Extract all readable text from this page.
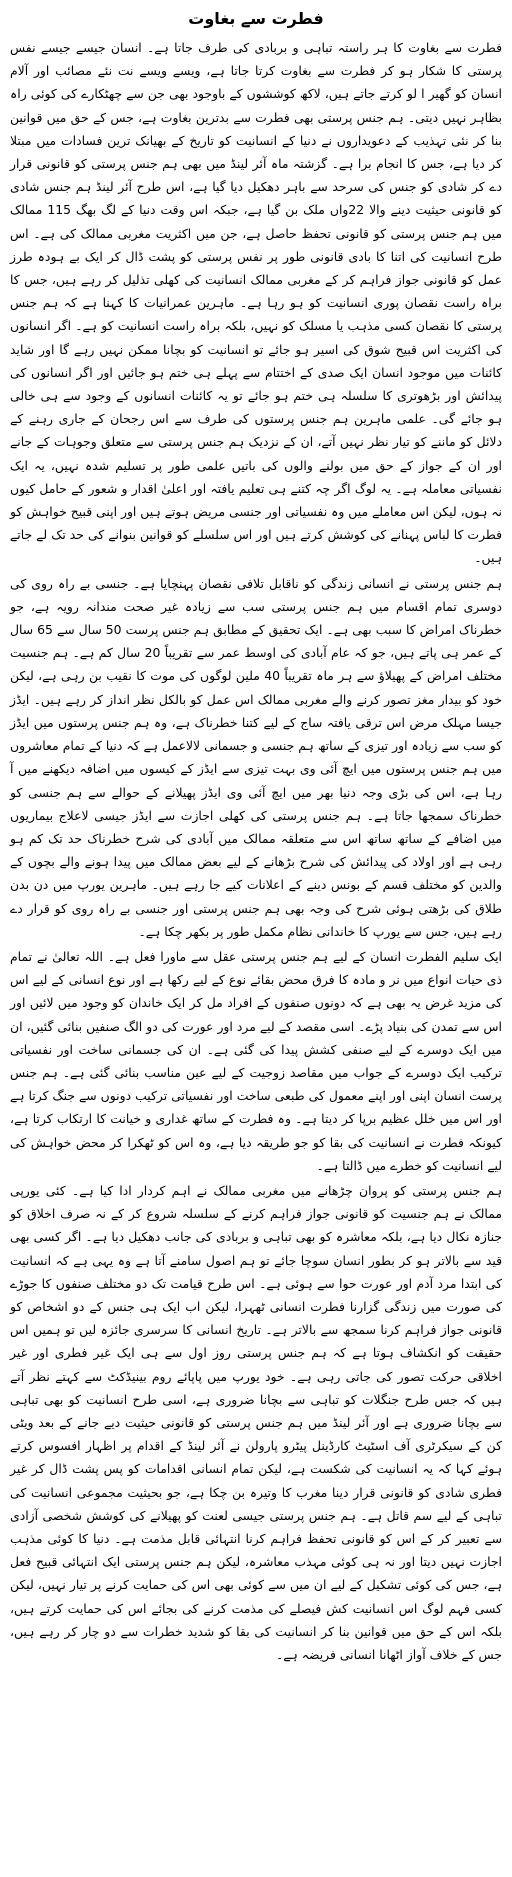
فطرت سے بغاوت

فطرت سے بغاوت کا ہر راستہ تباہی و بربادی کی طرف جاتا ہے۔ انسان جیسے جیسے نفس پرستی کا شکار ہو کر فطرت سے بغاوت کرتا جاتا ہے، ویسے ویسے نت نئے مصائب اور آلام انسان کو گھیر ا لو کرتے جاتے ہیں، لاکھ کوششوں کے باوجود بھی جن سے چھٹکارے کی کوئی راہ بظاہر نہیں دیتی۔ ہم جنس پرستی بھی فطرت سے بدترین بغاوت ہے، جس کے حق میں قوانین بنا کر نئی تہذیب کے دعویداروں نے دنیا کے انسانیت کو تاریخ کے بھیانک ترین فسادات میں مبتلا کر دیا ہے، جس کا انجام برا ہے۔ گزشتہ ماہ آئر لینڈ میں بھی ہم جنس پرستی کو قانونی قرار دے کر شادی کو جنس کی سرحد سے باہر دھکیل دیا گیا ہے، اس طرح آئر لینڈ ہم جنس شادی کو قانونی حیثیت دینے والا 22واں ملک بن گیا ہے، جبکہ اس وقت دنیا کے لگ بھگ 115 ممالک میں ہم جنس پرستی کو قانونی تحفظ حاصل ہے، جن میں اکثریت مغربی ممالک کی ہے۔ اس طرح انسانیت کی اتنا کا بادی قانونی طور پر نفس پرستی کو پشت ڈال کر ایک بے ہودہ طرز عمل کو قانونی جواز فراہم کر کے مغربی ممالک انسانیت کی کھلی تذلیل کر رہے ہیں، جس کا براہ راست نقصان پوری انسانیت کو ہو رہا ہے۔ ماہرین عمرانیات کا کہنا ہے کہ ہم جنس پرستی کا نقصان کسی مذہب یا مسلک کو نہیں، بلکہ براہ راست انسانیت کو ہے۔ اگر انسانوں کی اکثریت اس قبیح شوق کی اسیر ہو جائے تو انسانیت کو بچانا ممکن نہیں رہے گا اور شاید کائنات میں موجود انسان ایک صدی کے اختتام سے پہلے ہی ختم ہو جائیں اور اگر انسانوں کی پیدائش اور بڑھوتری کا سلسلہ ہی ختم ہو جائے تو یہ کائنات انسانوں کے وجود سے ہی خالی ہو جائے گی۔ علمی ماہرین ہم جنس پرستوں کی طرف سے اس رجحان کے جاری رہنے کے دلائل کو ماننے کو تیار نظر نہیں آتے، ان کے نزدیک ہم جنس پرستی سے متعلق وجوہات کے جانے اور ان کے جواز کے حق میں بولنے والوں کی باتیں علمی طور پر تسلیم شدہ نہیں، یہ ایک نفسیاتی معاملہ ہے۔ یہ لوگ اگر چہ کتنے ہی تعلیم یافتہ اور اعلیٰ اقدار و شعور کے حامل کیوں نہ ہوں، لیکن اس معاملے میں وہ نفسیاتی اور جنسی مریض ہوتے ہیں اور اپنی قبیح خواہش کو فطرت کا لباس پہنانے کی کوشش کرتے ہیں اور اس سلسلے کو قوانین بنوانے کی حد تک لے جاتے ہیں۔

ہم جنس پرستی نے انسانی زندگی کو ناقابل تلافی نقصان پہنچایا ہے۔ جنسی بے راہ روی کی دوسری تمام اقسام میں ہم جنس پرستی سب سے زیادہ غیر صحت مندانہ رویہ ہے، جو خطرناک امراض کا سبب بھی ہے۔ ایک تحقیق کے مطابق ہم جنس پرست 50 سال سے 65 سال کے عمر ہی پاتے ہیں، جو کہ عام آبادی کی اوسط عمر سے تقریباً 20 سال کم ہے۔ ہم جنسیت مختلف امراض کے پھیلاؤ سے ہر ماہ تقریباً 40 ملین لوگوں کی موت کا نقیب بن رہی ہے، لیکن خود کو بیدار مغز تصور کرنے والے مغربی ممالک اس عمل کو بالکل نظر انداز کر رہے ہیں۔ ایڈز جیسا مہلک مرض اس ترقی یافتہ ساج کے لیے کتنا خطرناک ہے، وہ ہم جنس پرستوں میں ایڈز کو سب سے زیادہ اور تیزی کے ساتھ ہم جنسی و جسمانی لالاعمل ہے کہ دنیا کے تمام معاشروں میں ہم جنس پرستوں میں ایچ آئی وی بہت تیزی سے ایڈز کے کیسوں میں اضافہ دیکھنے میں آ رہا ہے، اس کی بڑی وجہ دنیا بھر میں ایچ آئی وی ایڈز پھیلانے کے حوالے سے ہم جنسی کو خطرناک سمجھا جاتا ہے۔ ہم جنس پرستی کی کھلی اجازت سے ایڈز جیسی لاعلاج بیماریوں میں اضافے کے ساتھ ساتھ اس سے متعلقہ ممالک میں آبادی کی شرح خطرناک حد تک کم ہو رہی ہے اور اولاد کی پیدائش کی شرح بڑھانے کے لیے بعض ممالک میں پیدا ہونے والے بچوں کے والدین کو مختلف قسم کے بونس دینے کے اعلانات کیے جا رہے ہیں۔ ماہرین یورپ میں دن بدن طلاق کی بڑھتی ہوئی شرح کی وجہ بھی ہم جنس پرستی اور جنسی بے راہ روی کو قرار دے رہے ہیں، جس سے یورپ کا خاندانی نظام مکمل طور پر بکھر چکا ہے۔

ایک سلیم الفطرت انسان کے لیے ہم جنس پرستی عقل سے ماورا فعل ہے۔ اللہ تعالیٰ نے تمام ذی حیات انواع میں نر و مادہ کا فرق محض بقائے نوع کے لیے رکھا ہے اور نوع انسانی کے لیے اس کی مزید غرض یہ بھی ہے کہ دونوں صنفوں کے افراد مل کر ایک خاندان کو وجود میں لائیں اور اس سے تمدن کی بنیاد پڑے۔ اسی مقصد کے لیے مرد اور عورت کی دو الگ صنفیں بنائی گئیں، ان میں ایک دوسرے کے لیے صنفی کشش پیدا کی گئی ہے۔ ان کی جسمانی ساخت اور نفسیاتی ترکیب ایک دوسرے کے جواب میں مقاصد زوجیت کے لیے عین مناسب بنائی گئی ہے۔ ہم جنس پرست انسان اپنی اور اپنے معمول کی طبعی ساخت اور نفسیاتی ترکیب دونوں سے جنگ کرتا ہے اور اس میں خلل عظیم برپا کر دیتا ہے۔ وہ فطرت کے ساتھ غداری و خیانت کا ارتکاب کرتا ہے، کیونکہ فطرت نے انسانیت کی بقا کو جو طریقہ دیا ہے، وہ اس کو ٹھکرا کر محض خواہش کی لیے انسانیت کو خطرے میں ڈالتا ہے۔

ہم جنس پرستی کو پروان چڑھانے میں مغربی ممالک نے اہم کردار ادا کیا ہے۔ کئی یورپی ممالک نے ہم جنسیت کو قانونی جواز فراہم کرنے کے سلسلہ شروع کر کے نہ صرف اخلاق کو جنازہ نکال دیا ہے، بلکہ معاشرہ کو بھی تباہی و بربادی کی جانب دھکیل دیا ہے۔ اگر کسی بھی قید سے بالاتر ہو کر بطور انسان سوچا جائے تو ہم اصول سامنے آتا ہے وہ یہی ہے کہ انسانیت کی ابتدا مرد آدم اور عورت حوا سے ہوئی ہے۔ اس طرح قیامت تک دو مختلف صنفوں کا جوڑے کی صورت میں زندگی گزارنا فطرت انسانی ٹھہرا، لیکن اب ایک ہی جنس کے دو اشخاص کو قانونی جواز فراہم کرنا سمجھ سے بالاتر ہے۔ تاریخ انسانی کا سرسری جائزہ لیں تو ہمیں اس حقیقت کو انکشاف ہوتا ہے کہ ہم جنس پرستی روز اول سے ہی ایک غیر فطری اور غیر اخلاقی حرکت تصور کی جاتی رہی ہے۔ خود یورپ میں پاپائے روم بینیڈکٹ سے کہتے نظر آتے ہیں کہ جس طرح جنگلات کو تباہی سے بچانا ضروری ہے، اسی طرح انسانیت کو بھی تباہی سے بچانا ضروری ہے اور آئر لینڈ میں ہم جنس پرستی کو قانونی حیثیت دیے جانے کے بعد ویٹی کن کے سیکرٹری آف اسٹیٹ کارڈینل پیٹرو پارولن نے آئر لینڈ کے اقدام پر اظہار افسوس کرتے ہوئے کہا کہ یہ انسانیت کی شکست ہے، لیکن تمام انسانی اقدامات کو پس پشت ڈال کر غیر فطری شادی کو قانونی قرار دینا مغرب کا وتیرہ بن چکا ہے، جو بحیثیت مجموعی انسانیت کی تباہی کے لیے سم قاتل ہے۔ ہم جنس پرستی جیسی لعنت کو پھیلانے کی کوشش شخصی آزادی سے تعبیر کر کے اس کو قانونی تحفظ فراہم کرنا انتہائی قابل مذمت ہے۔ دنیا کا کوئی مذہب اجازت نہیں دیتا اور نہ ہی کوئی مہذب معاشرہ، لیکن ہم جنس پرستی ایک انتہائی قبیح فعل ہے، جس کی کوئی تشکیل کے لیے ان میں سے کوئی بھی اس کی حمایت کرنے پر تیار نہیں، لیکن کسی فہم لوگ اس انسانیت کش فیصلے کی مذمت کرنے کی بجائے اس کی حمایت کرتے ہیں، بلکہ اس کے حق میں قوانین بنا کر انسانیت کی بقا کو شدید خطرات سے دو چار کر رہے ہیں، جس کے خلاف آواز اٹھانا انسانی فریضہ ہے۔
